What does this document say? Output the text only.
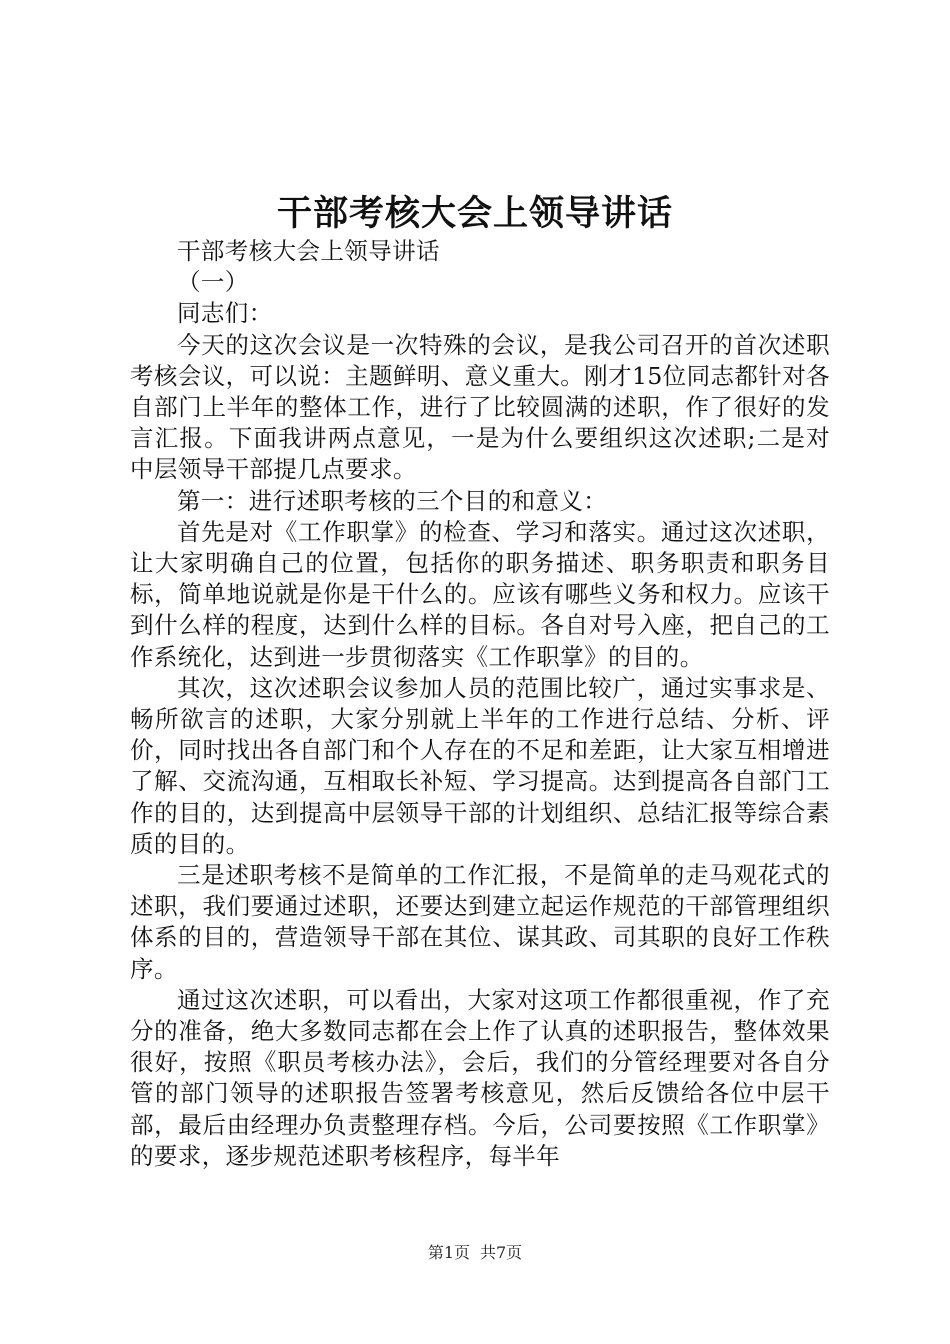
干部考核大会上领导讲话

干部考核大会上领导讲话

（一）

同志们：

今天的这次会议是一次特殊的会议，是我公司召开的首次述职考核会议，可以说：主题鲜明、意义重大。刚才15位同志都针对各自部门上半年的整体工作，进行了比较圆满的述职，作了很好的发言汇报。下面我讲两点意见，一是为什么要组织这次述职;二是对中层领导干部提几点要求。

第一：进行述职考核的三个目的和意义：

首先是对《工作职掌》的检查、学习和落实。通过这次述职，让大家明确自己的位置，包括你的职务描述、职务职责和职务目标，简单地说就是你是干什么的。应该有哪些义务和权力。应该干到什么样的程度，达到什么样的目标。各自对号入座，把自己的工作系统化，达到进一步贯彻落实《工作职掌》的目的。

其次，这次述职会议参加人员的范围比较广，通过实事求是、畅所欲言的述职，大家分别就上半年的工作进行总结、分析、评价，同时找出各自部门和个人存在的不足和差距，让大家互相增进了解、交流沟通，互相取长补短、学习提高。达到提高各自部门工作的目的，达到提高中层领导干部的计划组织、总结汇报等综合素质的目的。

三是述职考核不是简单的工作汇报，不是简单的走马观花式的述职，我们要通过述职，还要达到建立起运作规范的干部管理组织体系的目的，营造领导干部在其位、谋其政、司其职的良好工作秩序。

通过这次述职，可以看出，大家对这项工作都很重视，作了充分的准备，绝大多数同志都在会上作了认真的述职报告，整体效果很好，按照《职员考核办法》，会后，我们的分管经理要对各自分管的部门领导的述职报告签署考核意见，然后反馈给各位中层干部，最后由经理办负责整理存档。今后，公司要按照《工作职掌》的要求，逐步规范述职考核程序，每半年

第1页 共7页
